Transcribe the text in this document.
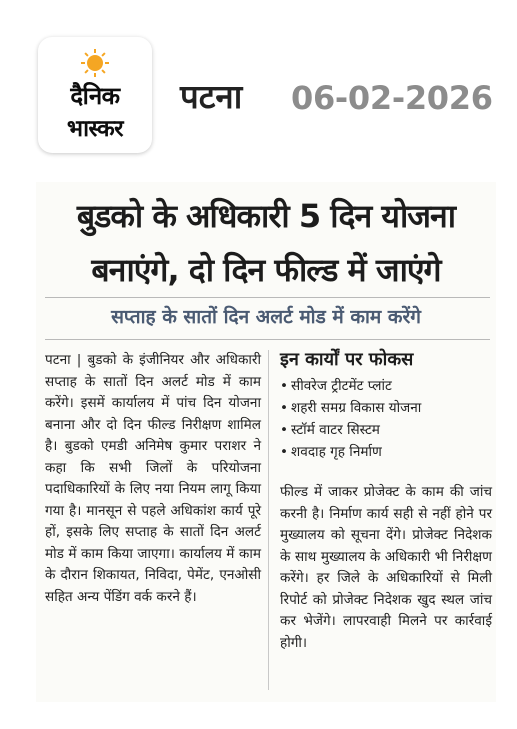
दैनिक
भास्कर
पटना 06-02-2026
बुडको के अधिकारी 5 दिन योजना
बनाएंगे, दो दिन फील्ड में जाएंगे
सप्ताह के सातों दिन अलर्ट मोड में काम करेंगे
पटना | बुडको के इंजीनियर और अधिकारी सप्ताह के सातों दिन अलर्ट मोड में काम करेंगे। इसमें कार्यालय में पांच दिन योजना बनाना और दो दिन फील्ड निरीक्षण शामिल है। बुडको एमडी अनिमेष कुमार पराशर ने कहा कि सभी जिलों के परियोजना पदाधिकारियों के लिए नया नियम लागू किया गया है। मानसून से पहले अधिकांश कार्य पूरे हों, इसके लिए सप्ताह के सातों दिन अलर्ट मोड में काम किया जाएगा। कार्यालय में काम के दौरान शिकायत, निविदा, पेमेंट, एनओसी सहित अन्य पेंडिंग वर्क करने हैं।
इन कार्यों पर फोकस
• सीवरेज ट्रीटमेंट प्लांट
• शहरी समग्र विकास योजना
• स्टॉर्म वाटर सिस्टम
• शवदाह गृह निर्माण
फील्ड में जाकर प्रोजेक्ट के काम की जांच करनी है। निर्माण कार्य सही से नहीं होने पर मुख्यालय को सूचना देंगे। प्रोजेक्ट निदेशक के साथ मुख्यालय के अधिकारी भी निरीक्षण करेंगे। हर जिले के अधिकारियों से मिली रिपोर्ट को प्रोजेक्ट निदेशक खुद स्थल जांच कर भेजेंगे। लापरवाही मिलने पर कार्रवाई होगी।
